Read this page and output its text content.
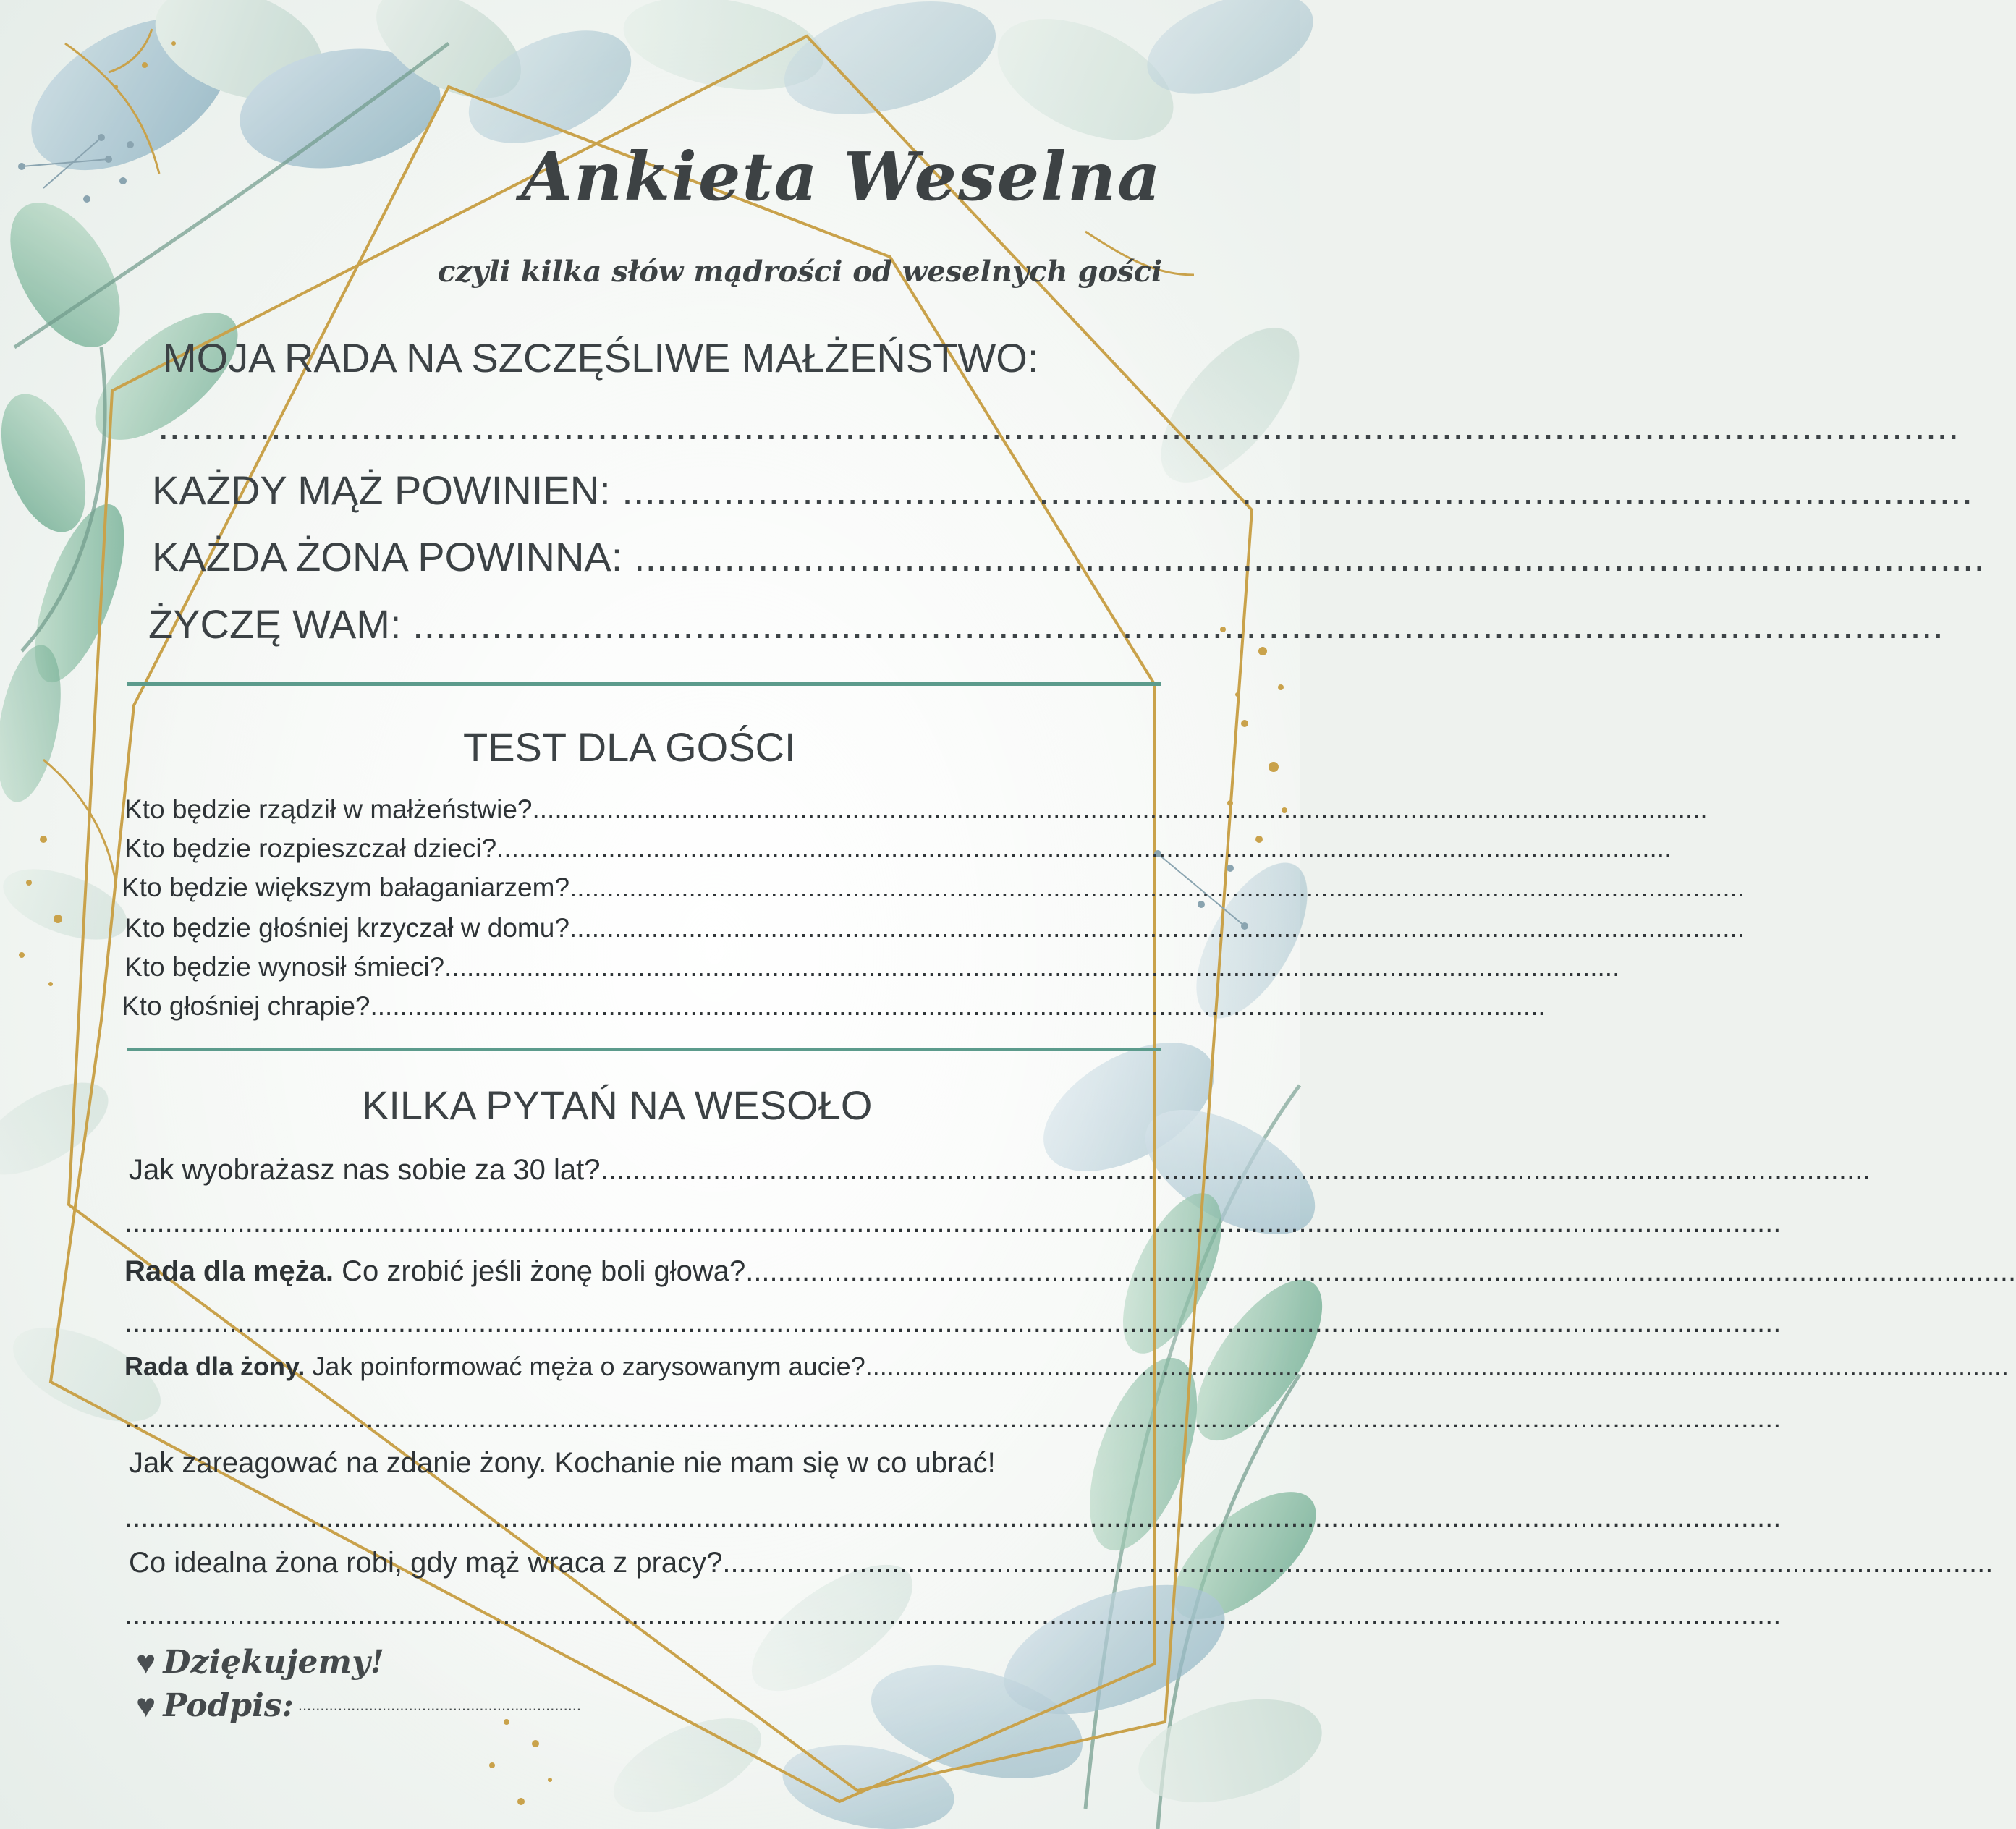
Ankieta Weselna
czyli kilka słów mądrości od weselnych gości
MOJA RADA NA SZCZĘŚLIWE MAŁŻEŃSTWO:
................................................................................................................................................................
KAŻDY MĄŻ POWINIEN: ........................................................................................................................
KAŻDA ŻONA POWINNA: ........................................................................................................................
ŻYCZĘ WAM: ........................................................................................................................................
TEST DLA GOŚCI
Kto będzie rządził w małżeństwie? ..............................................................................................................................................................
Kto będzie rozpieszczał dzieci? ..............................................................................................................................................................
Kto będzie większym bałaganiarzem? ..............................................................................................................................................................
Kto będzie głośniej krzyczał w domu? ..............................................................................................................................................................
Kto będzie wynosił śmieci? ..............................................................................................................................................................
Kto głośniej chrapie? ..............................................................................................................................................................
KILKA PYTAŃ NA WESOŁO
Jak wyobrażasz nas sobie za 30 lat? ..............................................................................................................................................................
..............................................................................................................................................................................................................
Rada dla męża. Co zrobić jeśli żonę boli głowa? ..............................................................................................................................................................
..............................................................................................................................................................................................................
Rada dla żony. Jak poinformować męża o zarysowanym aucie? ..............................................................................................................................................................
..............................................................................................................................................................................................................
Jak zareagować na zdanie żony. Kochanie nie mam się w co ubrać!
..............................................................................................................................................................................................................
Co idealna żona robi, gdy mąż wraca z pracy? ..............................................................................................................................................................
..............................................................................................................................................................................................................
♥ Dziękujemy!
♥ Podpis: ................................................................
